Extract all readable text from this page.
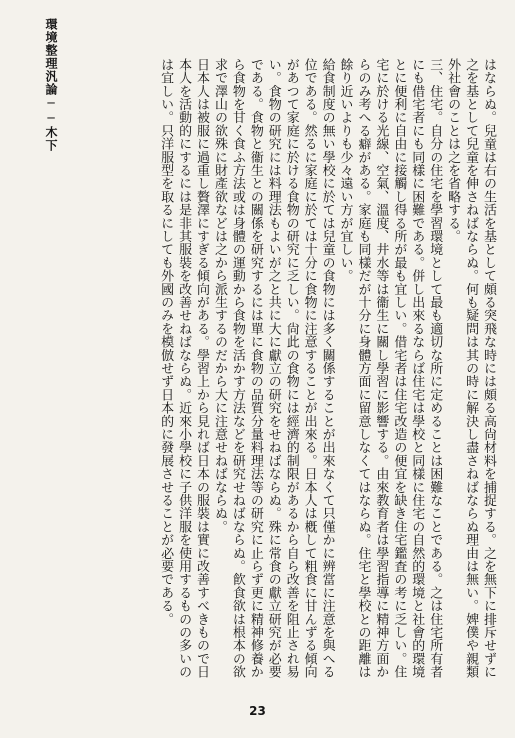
環境整理汎論──木下	はならぬ。兒童は右の生活を基として頗る突飛な時には頗る高尙材料を捕捉する。之を無下に排斥せずに之を基として兒童を伸さねばならぬ。何も疑問は其の時に解決し盡さねばならぬ理由は無い。婢僕や親類外社會のことは之を省略する。

三、住宅。自分の住宅を學習環境として最も適切な所に定めることは困難なことである。之は住宅所有者にも借宅者にも同樣に困難である。併し出來るならば住宅は學校と同樣に住宅の自然的環境と社會的環境とに便利に自由に接觸し得る所が最も宜しい。借宅者は住宅改造の便宜を缺き住宅鑑査の考に乏しい。住宅に於ける光線、空氣、溫度、井水等は衞生に關し學習に影響する。由來教育者は學習指導に精神方面からのみ考へる癖がある。家庭も同樣だが十分に身體方面に留意しなくてはならぬ。住宅と學校との距離は餘り近いよりも少々遠い方が宜しい。

給食制度の無い學校に於ては兒童の食物には多く關係することが出來なくて只僅かに辨當に注意を與へる位である。然るに家庭に於ては十分に食物に注意することが出來る。日本人は槪して粗食に甘んずる傾向があつて家庭に於ける食物の研究に乏しい。尙此の食物には經濟的制限があるから自ら改善を阻止され易い。食物の研究には料理法もよいが之と共に大に獻立の研究をせねばならぬ。殊に常食の獻立研究が必要である。食物と衞生との關係を研究するには單に食物の品質分量料理法等の研究に止らず更に精神修養から食物を甘く食ふ方法或は身體の運動から食物を活かす方法などを研究せねばならぬ。飮食欲は根本の欲求で澤山の欲殊に財產欲などは之から派生するのだから大に注意せねばならぬ。

日本人は被服に過重し贅澤にすぎる傾向がある。學習上から見れば日本の服裝は實に改善すべきもので日本人を活動的にするには是非其服裝を改善せねばならぬ。近來小學校に子供洋服を使用するものの多いのは宜しい。只洋服型を取るにしても外國のみを模倣せず日本的に發展させることが必要である。

23
